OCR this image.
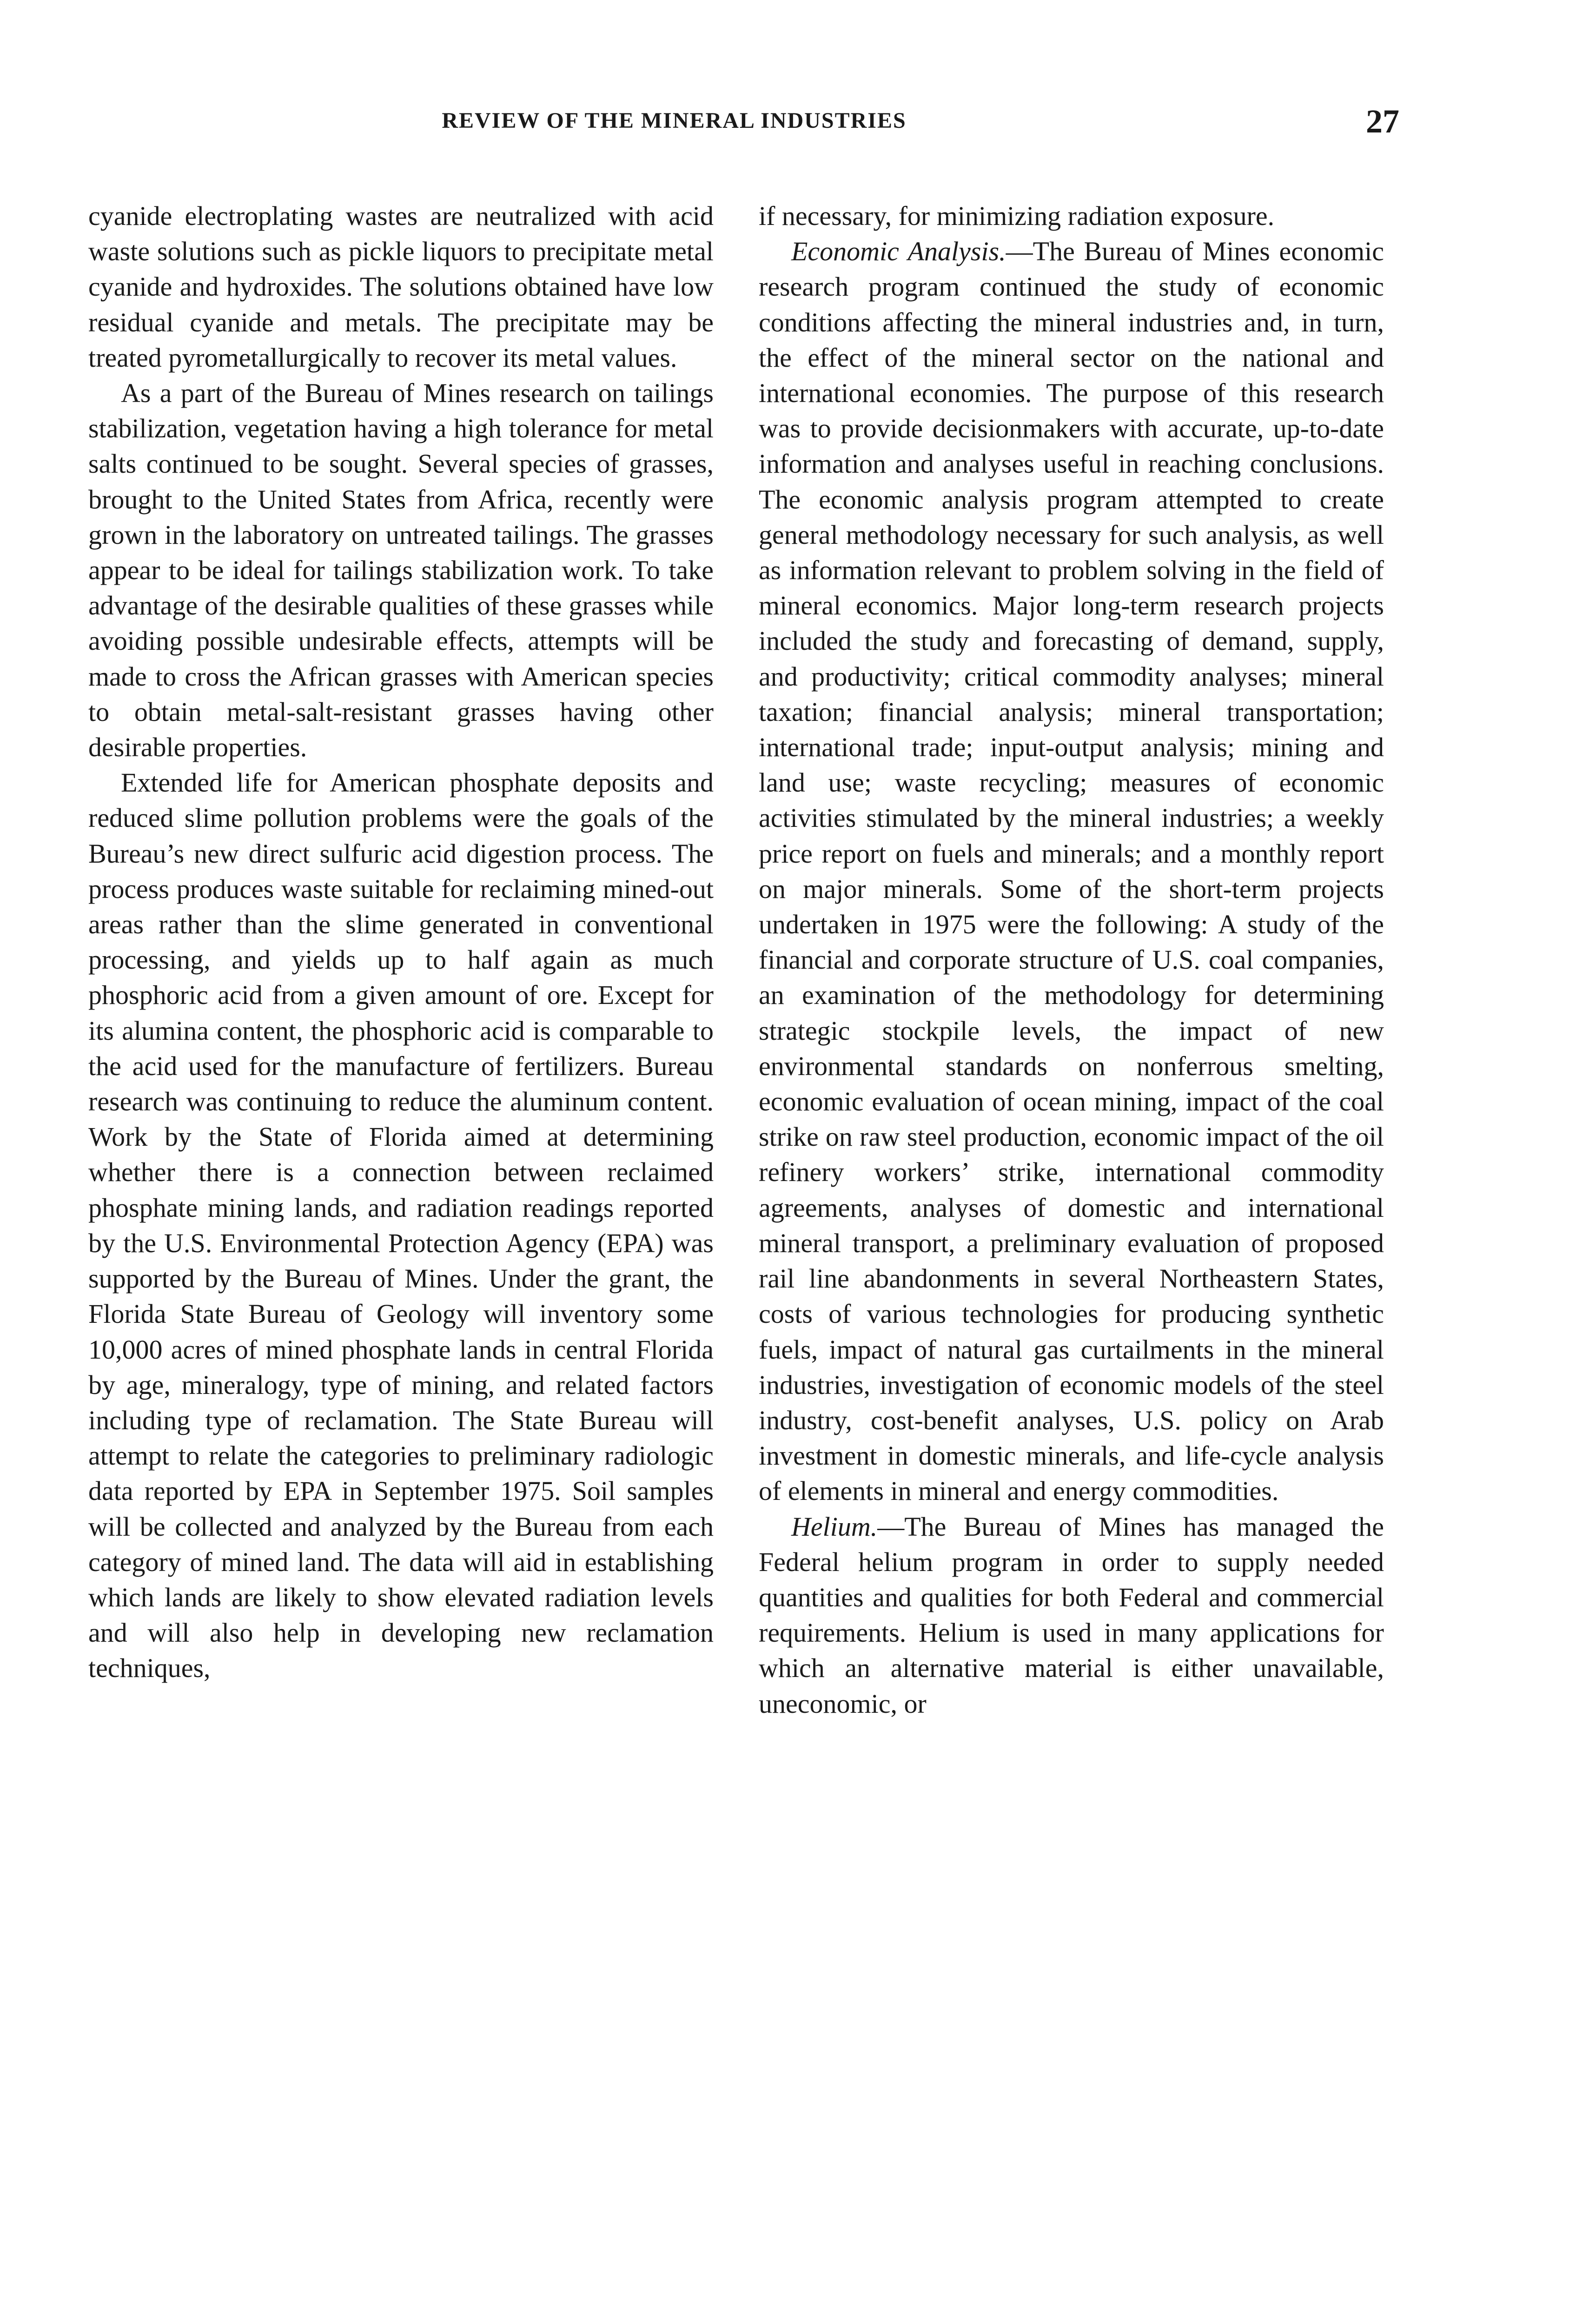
REVIEW OF THE MINERAL INDUSTRIES	27

cyanide electroplating wastes are neutralized with acid waste solutions such as pickle liquors to precipitate metal cyanide and hydroxides. The solutions obtained have low residual cyanide and metals. The precipitate may be treated pyrometallurgically to recover its metal values.

As a part of the Bureau of Mines research on tailings stabilization, vegetation having a high tolerance for metal salts continued to be sought. Several species of grasses, brought to the United States from Africa, recently were grown in the laboratory on untreated tailings. The grasses appear to be ideal for tailings stabilization work. To take advantage of the desirable qualities of these grasses while avoiding possible undesirable effects, attempts will be made to cross the African grasses with American species to obtain metal-salt-resistant grasses having other desirable properties.

Extended life for American phosphate deposits and reduced slime pollution problems were the goals of the Bureau’s new direct sulfuric acid digestion process. The process produces waste suitable for reclaiming mined-out areas rather than the slime generated in conventional processing, and yields up to half again as much phosphoric acid from a given amount of ore. Except for its alumina content, the phosphoric acid is comparable to the acid used for the manufacture of fertilizers. Bureau research was continuing to reduce the aluminum content. Work by the State of Florida aimed at determining whether there is a connection between reclaimed phosphate mining lands, and radiation readings reported by the U.S. Environmental Protection Agency (EPA) was supported by the Bureau of Mines. Under the grant, the Florida State Bureau of Geology will inventory some 10,000 acres of mined phosphate lands in central Florida by age, mineralogy, type of mining, and related factors including type of reclamation. The State Bureau will attempt to relate the categories to preliminary radiologic data reported by EPA in September 1975. Soil samples will be collected and analyzed by the Bureau from each category of mined land. The data will aid in establishing which lands are likely to show elevated radiation levels and will also help in developing new reclamation techniques,

if necessary, for minimizing radiation exposure.

Economic Analysis.—The Bureau of Mines economic research program continued the study of economic conditions affecting the mineral industries and, in turn, the effect of the mineral sector on the national and international economies. The purpose of this research was to provide decisionmakers with accurate, up-to-date information and analyses useful in reaching conclusions. The economic analysis program attempted to create general methodology necessary for such analysis, as well as information relevant to problem solving in the field of mineral economics. Major long-term research projects included the study and forecasting of demand, supply, and productivity; critical commodity analyses; mineral taxation; financial analysis; mineral transportation; international trade; input-output analysis; mining and land use; waste recycling; measures of economic activities stimulated by the mineral industries; a weekly price report on fuels and minerals; and a monthly report on major minerals. Some of the short-term projects undertaken in 1975 were the following: A study of the financial and corporate structure of U.S. coal companies, an examination of the methodology for determining strategic stockpile levels, the impact of new environmental standards on nonferrous smelting, economic evaluation of ocean mining, impact of the coal strike on raw steel production, economic impact of the oil refinery workers’ strike, international commodity agreements, analyses of domestic and international mineral transport, a preliminary evaluation of proposed rail line abandonments in several Northeastern States, costs of various technologies for producing synthetic fuels, impact of natural gas curtailments in the mineral industries, investigation of economic models of the steel industry, cost-benefit analyses, U.S. policy on Arab investment in domestic minerals, and life-cycle analysis of elements in mineral and energy commodities.

Helium.—The Bureau of Mines has managed the Federal helium program in order to supply needed quantities and qualities for both Federal and commercial requirements. Helium is used in many applications for which an alternative material is either unavailable, uneconomic, or
